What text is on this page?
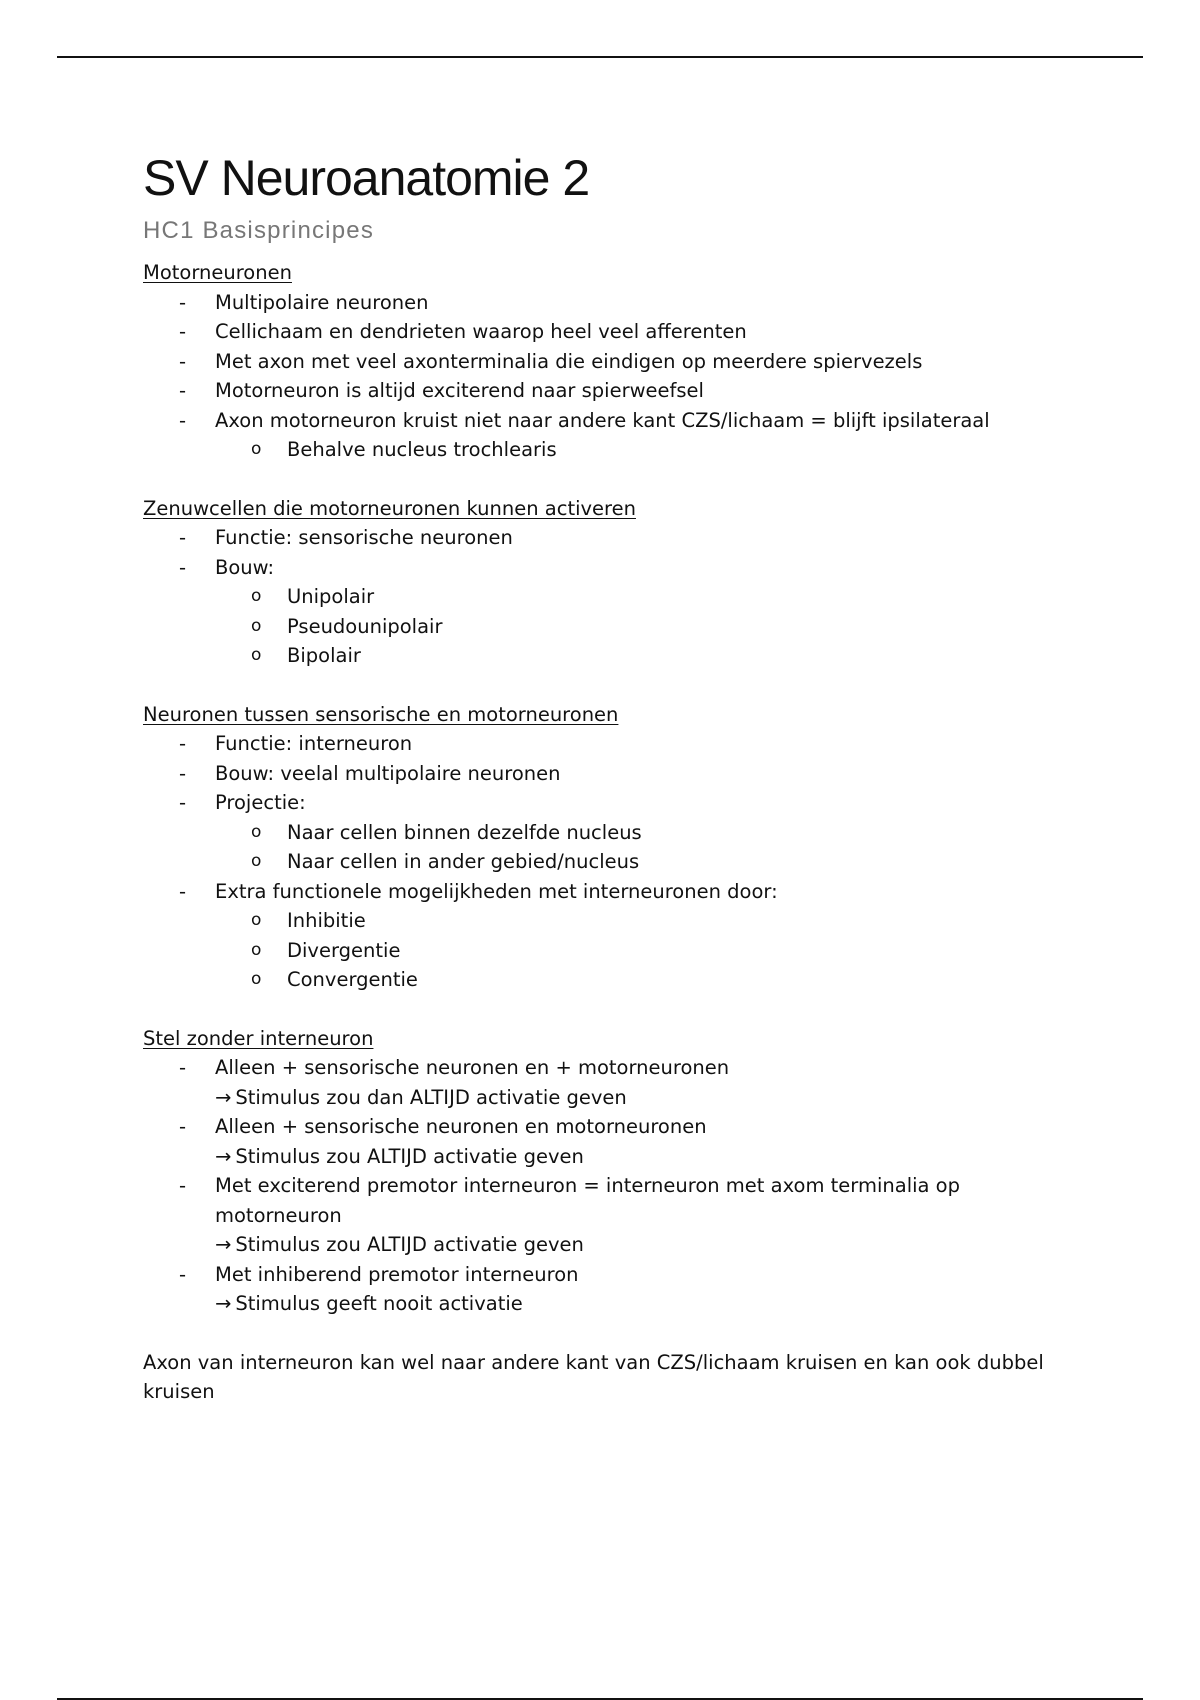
SV Neuroanatomie 2
HC1 Basisprincipes
Motorneuronen
- Multipolaire neuronen
- Cellichaam en dendrieten waarop heel veel afferenten
- Met axon met veel axonterminalia die eindigen op meerdere spiervezels
- Motorneuron is altijd exciterend naar spierweefsel
- Axon motorneuron kruist niet naar andere kant CZS/lichaam = blijft ipsilateraal
o Behalve nucleus trochlearis
Zenuwcellen die motorneuronen kunnen activeren
- Functie: sensorische neuronen
- Bouw:
o Unipolair
o Pseudounipolair
o Bipolair
Neuronen tussen sensorische en motorneuronen
- Functie: interneuron
- Bouw: veelal multipolaire neuronen
- Projectie:
o Naar cellen binnen dezelfde nucleus
o Naar cellen in ander gebied/nucleus
- Extra functionele mogelijkheden met interneuronen door:
o Inhibitie
o Divergentie
o Convergentie
Stel zonder interneuron
- Alleen + sensorische neuronen en + motorneuronen
→ Stimulus zou dan ALTIJD activatie geven
- Alleen + sensorische neuronen en motorneuronen
→ Stimulus zou ALTIJD activatie geven
- Met exciterend premotor interneuron = interneuron met axom terminalia op
motorneuron
→ Stimulus zou ALTIJD activatie geven
- Met inhiberend premotor interneuron
→ Stimulus geeft nooit activatie
Axon van interneuron kan wel naar andere kant van CZS/lichaam kruisen en kan ook dubbel
kruisen
